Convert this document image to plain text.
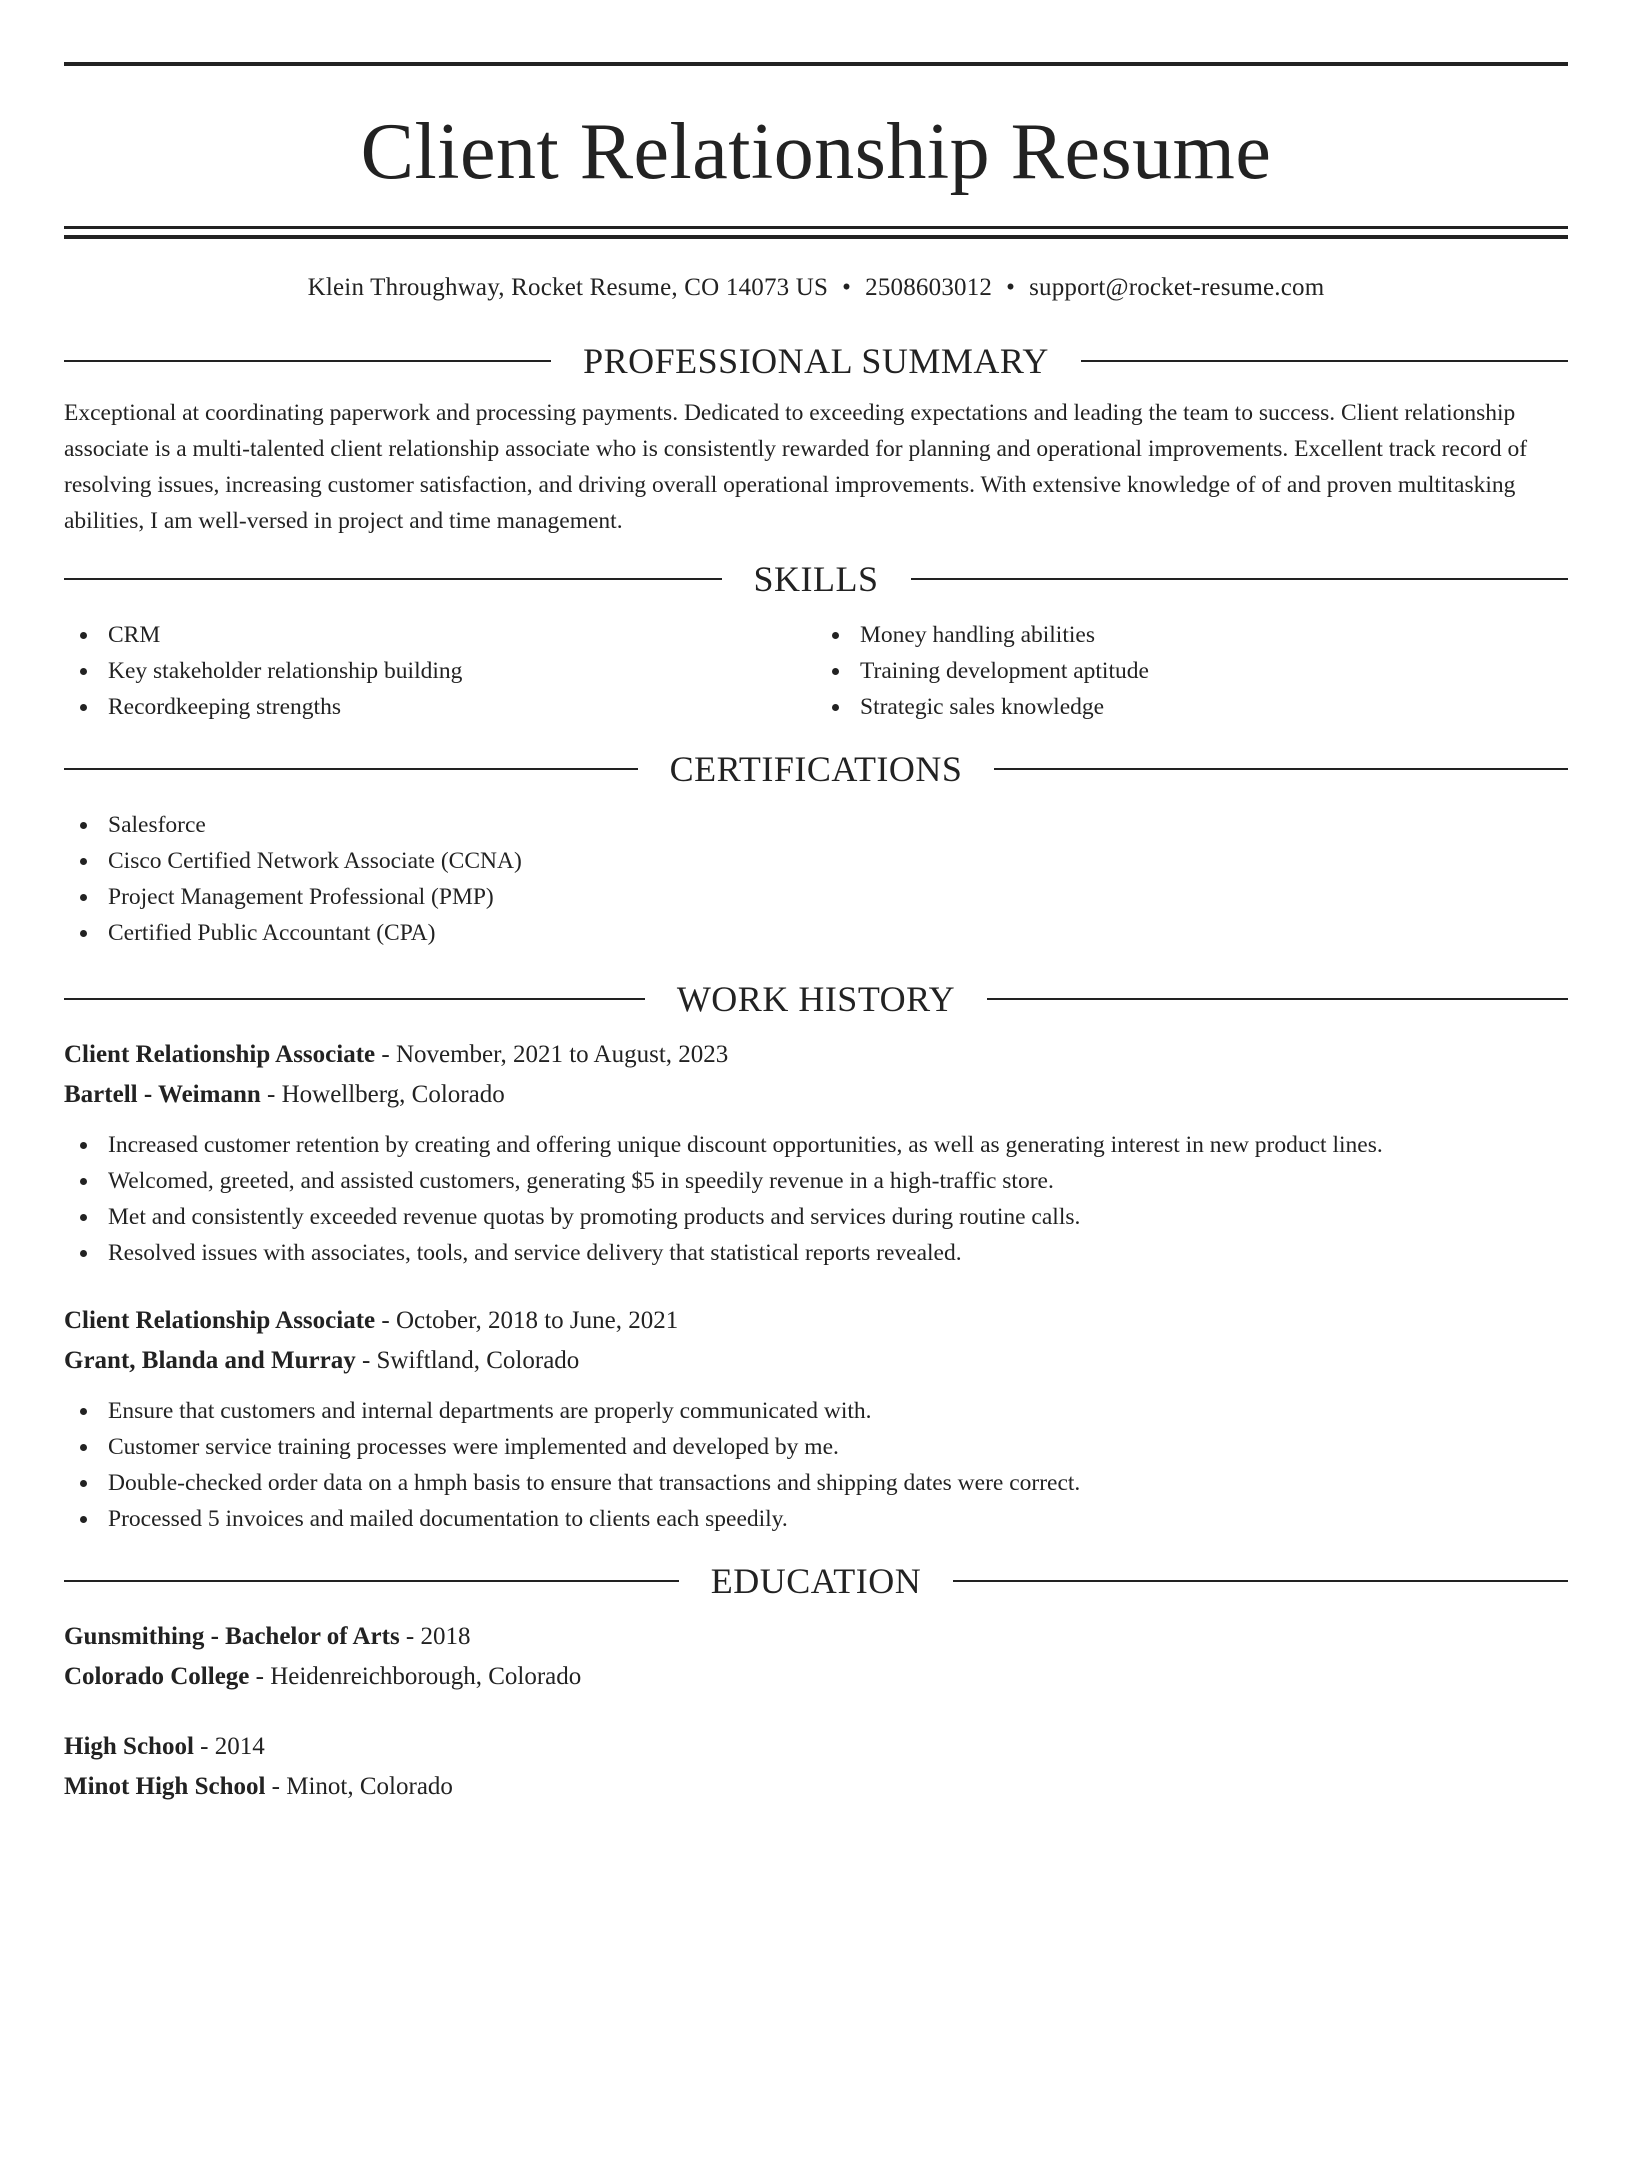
Client Relationship Resume
Klein Throughway, Rocket Resume, CO 14073 US • 2508603012 • support@rocket-resume.com
PROFESSIONAL SUMMARY

Exceptional at coordinating paperwork and processing payments. Dedicated to exceeding expectations and leading the team to success. Client relationship associate is a multi-talented client relationship associate who is consistently rewarded for planning and operational improvements. Excellent track record of resolving issues, increasing customer satisfaction, and driving overall operational improvements. With extensive knowledge of of and proven multitasking abilities, I am well-versed in project and time management.

SKILLS
CRM
Key stakeholder relationship building
Recordkeeping strengths
Money handling abilities
Training development aptitude
Strategic sales knowledge
CERTIFICATIONS
Salesforce
Cisco Certified Network Associate (CCNA)
Project Management Professional (PMP)
Certified Public Accountant (CPA)
WORK HISTORY
Client Relationship Associate - November, 2021 to August, 2023
Bartell - Weimann - Howellberg, Colorado
Increased customer retention by creating and offering unique discount opportunities, as well as generating interest in new product lines.
Welcomed, greeted, and assisted customers, generating $5 in speedily revenue in a high-traffic store.
Met and consistently exceeded revenue quotas by promoting products and services during routine calls.
Resolved issues with associates, tools, and service delivery that statistical reports revealed.
Client Relationship Associate - October, 2018 to June, 2021
Grant, Blanda and Murray - Swiftland, Colorado
Ensure that customers and internal departments are properly communicated with.
Customer service training processes were implemented and developed by me.
Double-checked order data on a hmph basis to ensure that transactions and shipping dates were correct.
Processed 5 invoices and mailed documentation to clients each speedily.
EDUCATION
Gunsmithing - Bachelor of Arts - 2018
Colorado College - Heidenreichborough, Colorado
High School - 2014
Minot High School - Minot, Colorado
